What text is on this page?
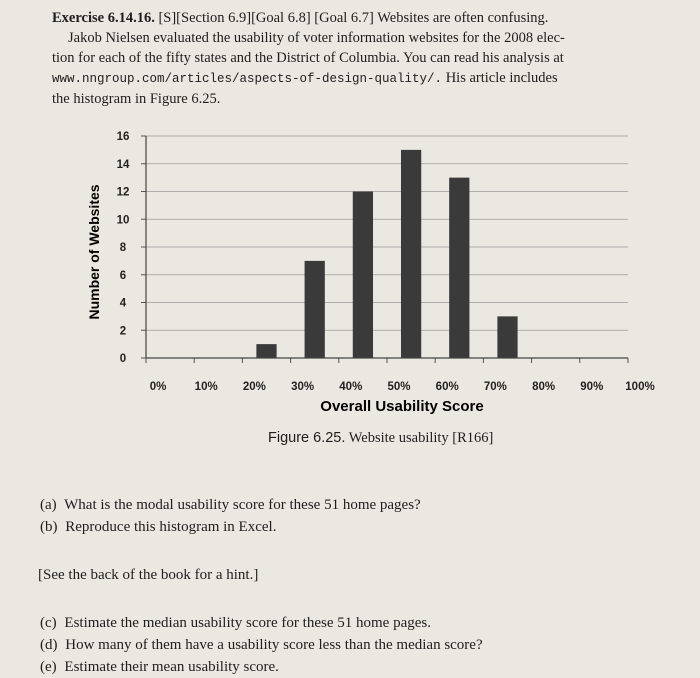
Exercise 6.14.16. [S][Section 6.9][Goal 6.8] [Goal 6.7] Websites are often confusing.
Jakob Nielsen evaluated the usability of voter information websites for the 2008 elec-
tion for each of the fifty states and the District of Columbia. You can read his analysis at
www.nngroup.com/articles/aspects-of-design-quality/. His article includes
the histogram in Figure 6.25.
0
2
4
6
8
10
12
14
16
0% 10% 20% 30% 40% 50% 60% 70% 80% 90% 100%
Number of Websites
Overall Usability Score
Figure 6.25. Website usability [R166]

(a) What is the modal usability score for these 51 home pages?

(b) Reproduce this histogram in Excel.

[See the back of the book for a hint.]

(c) Estimate the median usability score for these 51 home pages.

(d) How many of them have a usability score less than the median score?

(e) Estimate their mean usability score.
